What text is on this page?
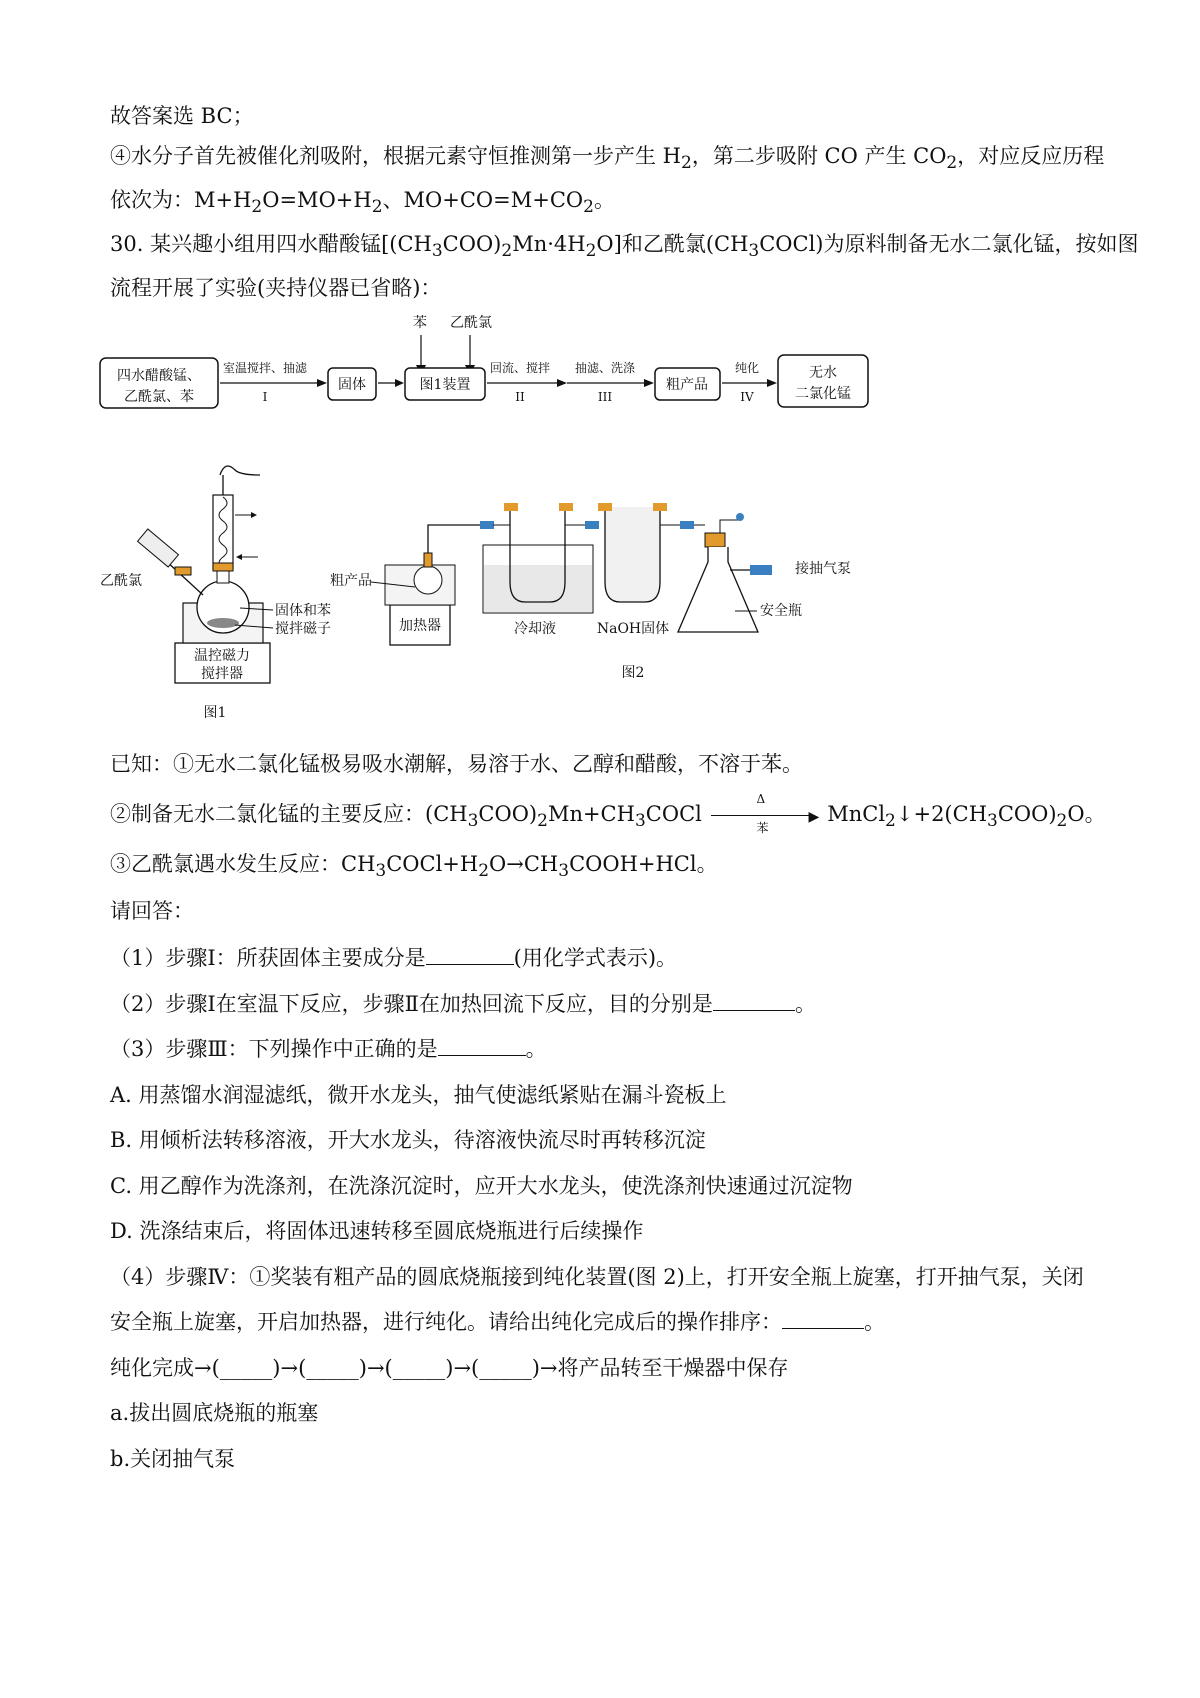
故答案选 BC；
④水分子首先被催化剂吸附，根据元素守恒推测第一步产生 $H_2$，第二步吸附 CO 产生 $CO_2$，对应反应历程
依次为：$M+H_2O=MO+H_2$、$MO+CO=M+CO_2$。
30. 某兴趣小组用四水醋酸锰$[(CH_3COO)_2Mn\cdot 4H_2O]$和乙酰氯$(CH_3COCl)$为原料制备无水二氯化锰，按如图
流程开展了实验(夹持仪器已省略)：
苯 乙酰氯
四水醋酸锰、
乙酰氯、苯
固体	图1装置	粗产品
无水
二氯化锰
室温搅拌、抽滤
I
回流、搅拌
II
抽滤、洗涤
III
纯化
IV
温控磁力
搅拌器
乙酰氯
固体和苯
搅拌磁子
图1
加热器
粗产品
冷却液	NaOH固体
接抽气泵
安全瓶
图2
已知：①无水二氯化锰极易吸水潮解，易溶于水、乙醇和醋酸，不溶于苯。
②制备无水二氯化锰的主要反应：$(CH_3COO)_2Mn+CH_3COCl$
Δ
▶
苯
$MnCl_2↓+2(CH_3COO)_2O$。
③乙酰氯遇水发生反应：$CH_3COCl+H_2O\to CH_3COOH+HCl$。
请回答：
（1）步骤Ⅰ：所获固体主要成分是	(用化学式表示)。
（2）步骤Ⅰ在室温下反应，步骤Ⅱ在加热回流下反应，目的分别是	。
（3）步骤Ⅲ：下列操作中正确的是	。
A. 用蒸馏水润湿滤纸，微开水龙头，抽气使滤纸紧贴在漏斗瓷板上
B. 用倾析法转移溶液，开大水龙头，待溶液快流尽时再转移沉淀
C. 用乙醇作为洗涤剂，在洗涤沉淀时，应开大水龙头，使洗涤剂快速通过沉淀物
D. 洗涤结束后，将固体迅速转移至圆底烧瓶进行后续操作
（4）步骤Ⅳ：①奖装有粗产品的圆底烧瓶接到纯化装置(图 2)上，打开安全瓶上旋塞，打开抽气泵，关闭
安全瓶上旋塞，开启加热器，进行纯化。请给出纯化完成后的操作排序：	。
纯化完成→(_____)→(_____)→(_____)→(_____)→将产品转至干燥器中保存
a.拔出圆底烧瓶的瓶塞
b.关闭抽气泵
